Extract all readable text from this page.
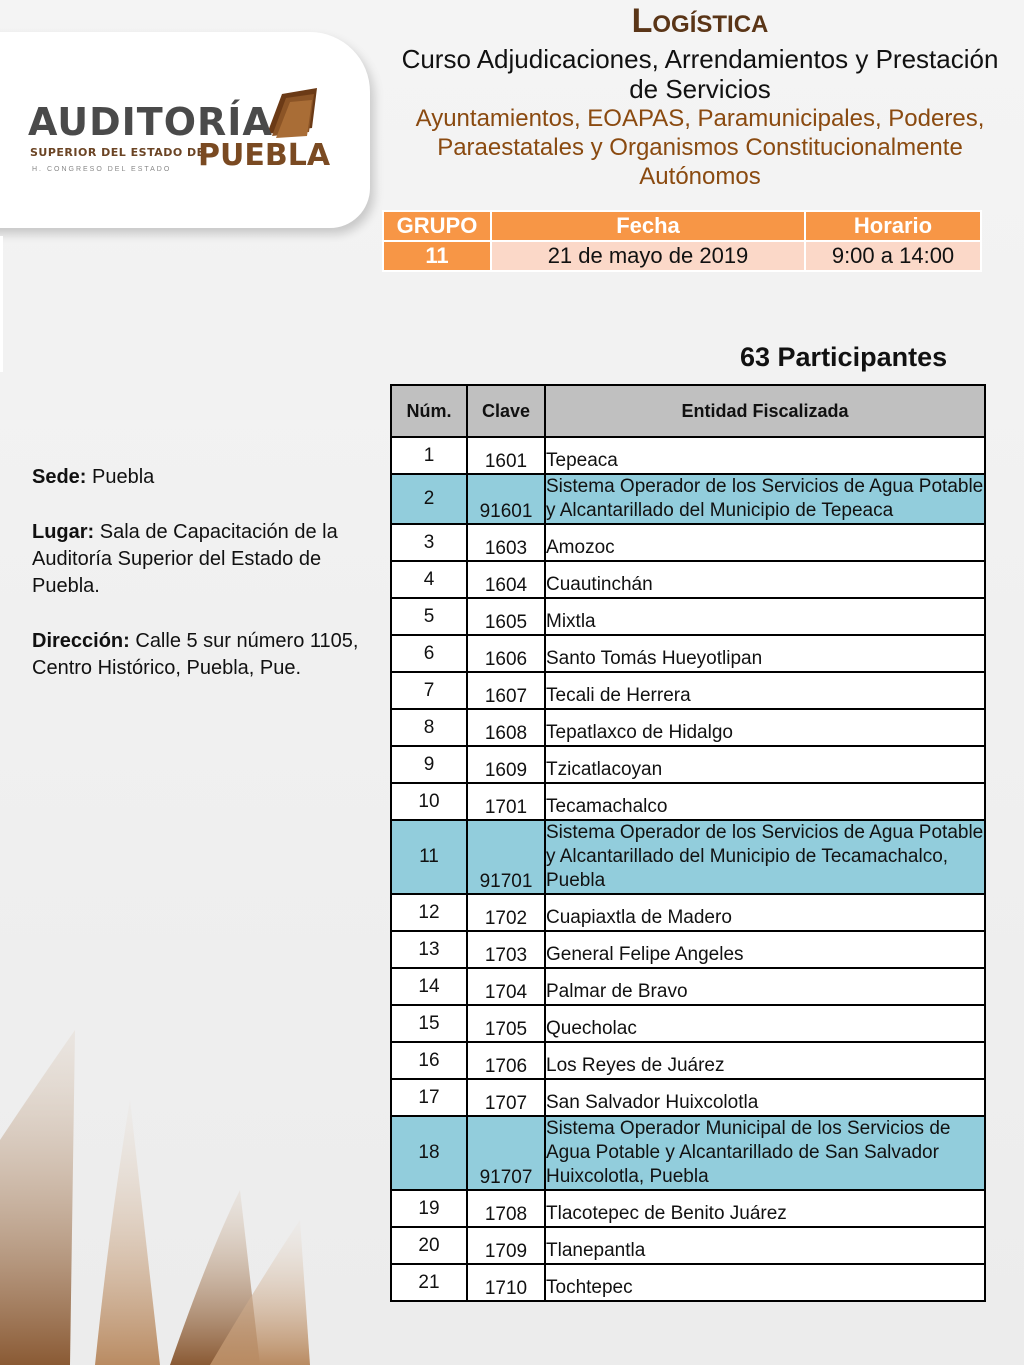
AUDITORÍA
SUPERIOR DEL ESTADO DE
PUEBLA
H. CONGRESO DEL ESTADO
Logística
Curso Adjudicaciones, Arrendamientos y Prestación de Servicios
Ayuntamientos, EOAPAS, Paramunicipales, Poderes, Paraestatales y Organismos Constitucionalmente Autónomos
GRUPO	Fecha	Horario
11	21 de mayo de 2019	9:00 a 14:00
63 Participantes
Sede: Puebla
Lugar: Sala de Capacitación de la Auditoría Superior del Estado de Puebla.
Dirección: Calle 5 sur número 1105, Centro Histórico, Puebla, Pue.
Núm.	Clave	Entidad Fiscalizada
1	1601	Tepeaca
2	91601	Sistema Operador de los Servicios de Agua Potable y Alcantarillado del Municipio de Tepeaca
3	1603	Amozoc
4	1604	Cuautinchán
5	1605	Mixtla
6	1606	Santo Tomás Hueyotlipan
7	1607	Tecali de Herrera
8	1608	Tepatlaxco de Hidalgo
9	1609	Tzicatlacoyan
10	1701	Tecamachalco
11	91701	Sistema Operador de los Servicios de Agua Potable y Alcantarillado del Municipio de Tecamachalco, Puebla
12	1702	Cuapiaxtla de Madero
13	1703	General Felipe Angeles
14	1704	Palmar de Bravo
15	1705	Quecholac
16	1706	Los Reyes de Juárez
17	1707	San Salvador Huixcolotla
18	91707	Sistema Operador Municipal de los Servicios de Agua Potable y Alcantarillado de San Salvador Huixcolotla, Puebla
19	1708	Tlacotepec de Benito Juárez
20	1709	Tlanepantla
21	1710	Tochtepec
